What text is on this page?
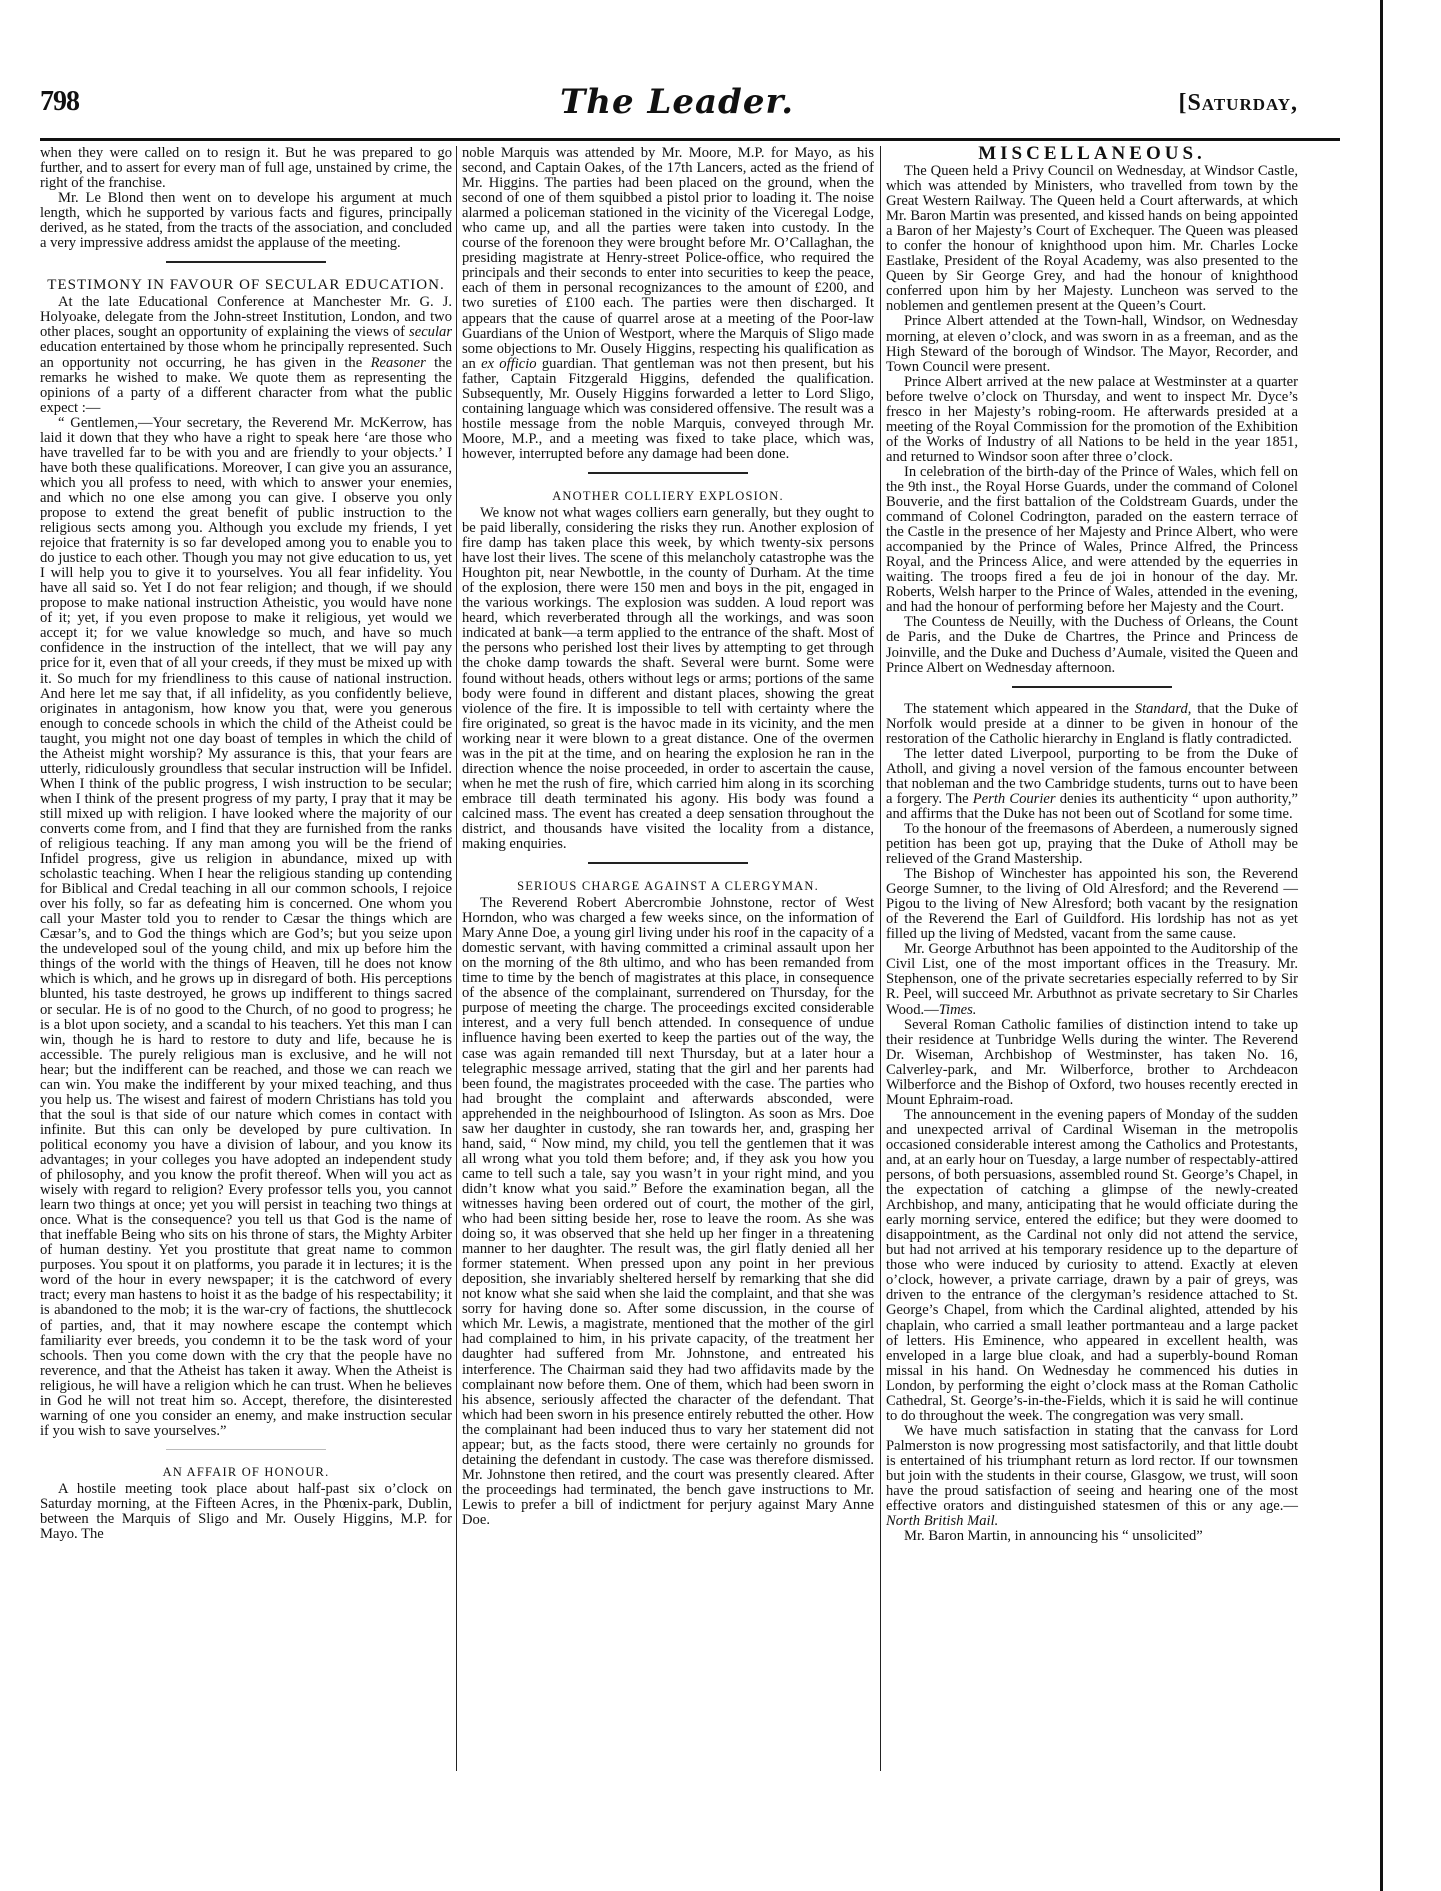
798	The Leader.	[Saturday,

when they were called on to resign it. But he was prepared to go further, and to assert for every man of full age, unstained by crime, the right of the franchise.

Mr. Le Blond then went on to develope his argument at much length, which he supported by various facts and figures, principally derived, as he stated, from the tracts of the association, and concluded a very impressive address amidst the applause of the meeting.

TESTIMONY IN FAVOUR OF SECULAR EDUCATION.

At the late Educational Conference at Manchester Mr. G. J. Holyoake, delegate from the John-street Institution, London, and two other places, sought an opportunity of explaining the views of secular education entertained by those whom he principally represented. Such an opportunity not occurring, he has given in the Reasoner the remarks he wished to make. We quote them as representing the opinions of a party of a different character from what the public expect :—

“ Gentlemen,—Your secretary, the Reverend Mr. McKerrow, has laid it down that they who have a right to speak here ‘are those who have travelled far to be with you and are friendly to your objects.’ I have both these qualifications. Moreover, I can give you an assurance, which you all profess to need, with which to answer your enemies, and which no one else among you can give. I observe you only propose to extend the great benefit of public instruction to the religious sects among you. Although you exclude my friends, I yet rejoice that fraternity is so far developed among you to enable you to do justice to each other. Though you may not give education to us, yet I will help you to give it to yourselves. You all fear infidelity. You have all said so. Yet I do not fear religion; and though, if we should propose to make national instruction Atheistic, you would have none of it; yet, if you even propose to make it religious, yet would we accept it; for we value knowledge so much, and have so much confidence in the instruction of the intellect, that we will pay any price for it, even that of all your creeds, if they must be mixed up with it. So much for my friendliness to this cause of national instruction. And here let me say that, if all infidelity, as you confidently believe, originates in antagonism, how know you that, were you generous enough to concede schools in which the child of the Atheist could be taught, you might not one day boast of temples in which the child of the Atheist might worship? My assurance is this, that your fears are utterly, ridiculously groundless that secular instruction will be Infidel. When I think of the public progress, I wish instruction to be secular; when I think of the present progress of my party, I pray that it may be still mixed up with religion. I have looked where the majority of our converts come from, and I find that they are furnished from the ranks of religious teaching. If any man among you will be the friend of Infidel progress, give us religion in abundance, mixed up with scholastic teaching. When I hear the religious standing up contending for Biblical and Credal teaching in all our common schools, I rejoice over his folly, so far as defeating him is concerned. One whom you call your Master told you to render to Cæsar the things which are Cæsar’s, and to God the things which are God’s; but you seize upon the undeveloped soul of the young child, and mix up before him the things of the world with the things of Heaven, till he does not know which is which, and he grows up in disregard of both. His perceptions blunted, his taste destroyed, he grows up indifferent to things sacred or secular. He is of no good to the Church, of no good to progress; he is a blot upon society, and a scandal to his teachers. Yet this man I can win, though he is hard to restore to duty and life, because he is accessible. The purely religious man is exclusive, and he will not hear; but the indifferent can be reached, and those we can reach we can win. You make the indifferent by your mixed teaching, and thus you help us. The wisest and fairest of modern Christians has told you that the soul is that side of our nature which comes in contact with infinite. But this can only be developed by pure cultivation. In political economy you have a division of labour, and you know its advantages; in your colleges you have adopted an independent study of philosophy, and you know the profit thereof. When will you act as wisely with regard to religion? Every professor tells you, you cannot learn two things at once; yet you will persist in teaching two things at once. What is the consequence? you tell us that God is the name of that ineffable Being who sits on his throne of stars, the Mighty Arbiter of human destiny. Yet you prostitute that great name to common purposes. You spout it on platforms, you parade it in lectures; it is the word of the hour in every newspaper; it is the catchword of every tract; every man hastens to hoist it as the badge of his respectability; it is abandoned to the mob; it is the war-cry of factions, the shuttlecock of parties, and, that it may nowhere escape the contempt which familiarity ever breeds, you condemn it to be the task word of your schools. Then you come down with the cry that the people have no reverence, and that the Atheist has taken it away. When the Atheist is religious, he will have a religion which he can trust. When he believes in God he will not treat him so. Accept, therefore, the disinterested warning of one you consider an enemy, and make instruction secular if you wish to save yourselves.”

AN AFFAIR OF HONOUR.

A hostile meeting took place about half-past six o’clock on Saturday morning, at the Fifteen Acres, in the Phœnix-park, Dublin, between the Marquis of Sligo and Mr. Ousely Higgins, M.P. for Mayo. The

noble Marquis was attended by Mr. Moore, M.P. for Mayo, as his second, and Captain Oakes, of the 17th Lancers, acted as the friend of Mr. Higgins. The parties had been placed on the ground, when the second of one of them squibbed a pistol prior to loading it. The noise alarmed a policeman stationed in the vicinity of the Viceregal Lodge, who came up, and all the parties were taken into custody. In the course of the forenoon they were brought before Mr. O’Callaghan, the presiding magistrate at Henry-street Police-office, who required the principals and their seconds to enter into securities to keep the peace, each of them in personal recognizances to the amount of £200, and two sureties of £100 each. The parties were then discharged. It appears that the cause of quarrel arose at a meeting of the Poor-law Guardians of the Union of Westport, where the Marquis of Sligo made some objections to Mr. Ousely Higgins, respecting his qualification as an ex officio guardian. That gentleman was not then present, but his father, Captain Fitzgerald Higgins, defended the qualification. Subsequently, Mr. Ousely Higgins forwarded a letter to Lord Sligo, containing language which was considered offensive. The result was a hostile message from the noble Marquis, conveyed through Mr. Moore, M.P., and a meeting was fixed to take place, which was, however, interrupted before any damage had been done.

ANOTHER COLLIERY EXPLOSION.

We know not what wages colliers earn generally, but they ought to be paid liberally, considering the risks they run. Another explosion of fire damp has taken place this week, by which twenty-six persons have lost their lives. The scene of this melancholy catastrophe was the Houghton pit, near Newbottle, in the county of Durham. At the time of the explosion, there were 150 men and boys in the pit, engaged in the various workings. The explosion was sudden. A loud report was heard, which reverberated through all the workings, and was soon indicated at bank—a term applied to the entrance of the shaft. Most of the persons who perished lost their lives by attempting to get through the choke damp towards the shaft. Several were burnt. Some were found without heads, others without legs or arms; portions of the same body were found in different and distant places, showing the great violence of the fire. It is impossible to tell with certainty where the fire originated, so great is the havoc made in its vicinity, and the men working near it were blown to a great distance. One of the overmen was in the pit at the time, and on hearing the explosion he ran in the direction whence the noise proceeded, in order to ascertain the cause, when he met the rush of fire, which carried him along in its scorching embrace till death terminated his agony. His body was found a calcined mass. The event has created a deep sensation throughout the district, and thousands have visited the locality from a distance, making enquiries.

SERIOUS CHARGE AGAINST A CLERGYMAN.

The Reverend Robert Abercrombie Johnstone, rector of West Horndon, who was charged a few weeks since, on the information of Mary Anne Doe, a young girl living under his roof in the capacity of a domestic servant, with having committed a criminal assault upon her on the morning of the 8th ultimo, and who has been remanded from time to time by the bench of magistrates at this place, in consequence of the absence of the complainant, surrendered on Thursday, for the purpose of meeting the charge. The proceedings excited considerable interest, and a very full bench attended. In consequence of undue influence having been exerted to keep the parties out of the way, the case was again remanded till next Thursday, but at a later hour a telegraphic message arrived, stating that the girl and her parents had been found, the magistrates proceeded with the case. The parties who had brought the complaint and afterwards absconded, were apprehended in the neighbourhood of Islington. As soon as Mrs. Doe saw her daughter in custody, she ran towards her, and, grasping her hand, said, “ Now mind, my child, you tell the gentlemen that it was all wrong what you told them before; and, if they ask you how you came to tell such a tale, say you wasn’t in your right mind, and you didn’t know what you said.” Before the examination began, all the witnesses having been ordered out of court, the mother of the girl, who had been sitting beside her, rose to leave the room. As she was doing so, it was observed that she held up her finger in a threatening manner to her daughter. The result was, the girl flatly denied all her former statement. When pressed upon any point in her previous deposition, she invariably sheltered herself by remarking that she did not know what she said when she laid the complaint, and that she was sorry for having done so. After some discussion, in the course of which Mr. Lewis, a magistrate, mentioned that the mother of the girl had complained to him, in his private capacity, of the treatment her daughter had suffered from Mr. Johnstone, and entreated his interference. The Chairman said they had two affidavits made by the complainant now before them. One of them, which had been sworn in his absence, seriously affected the character of the defendant. That which had been sworn in his presence entirely rebutted the other. How the complainant had been induced thus to vary her statement did not appear; but, as the facts stood, there were certainly no grounds for detaining the defendant in custody. The case was therefore dismissed. Mr. Johnstone then retired, and the court was presently cleared. After the proceedings had terminated, the bench gave instructions to Mr. Lewis to prefer a bill of indictment for perjury against Mary Anne Doe.

MISCELLANEOUS.

The Queen held a Privy Council on Wednesday, at Windsor Castle, which was attended by Ministers, who travelled from town by the Great Western Railway. The Queen held a Court afterwards, at which Mr. Baron Martin was presented, and kissed hands on being appointed a Baron of her Majesty’s Court of Exchequer. The Queen was pleased to confer the honour of knighthood upon him. Mr. Charles Locke Eastlake, President of the Royal Academy, was also presented to the Queen by Sir George Grey, and had the honour of knighthood conferred upon him by her Majesty. Luncheon was served to the noblemen and gentlemen present at the Queen’s Court.

Prince Albert attended at the Town-hall, Windsor, on Wednesday morning, at eleven o’clock, and was sworn in as a freeman, and as the High Steward of the borough of Windsor. The Mayor, Recorder, and Town Council were present.

Prince Albert arrived at the new palace at Westminster at a quarter before twelve o’clock on Thursday, and went to inspect Mr. Dyce’s fresco in her Majesty’s robing-room. He afterwards presided at a meeting of the Royal Commission for the promotion of the Exhibition of the Works of Industry of all Nations to be held in the year 1851, and returned to Windsor soon after three o’clock.

In celebration of the birth-day of the Prince of Wales, which fell on the 9th inst., the Royal Horse Guards, under the command of Colonel Bouverie, and the first battalion of the Coldstream Guards, under the command of Colonel Codrington, paraded on the eastern terrace of the Castle in the presence of her Majesty and Prince Albert, who were accompanied by the Prince of Wales, Prince Alfred, the Princess Royal, and the Princess Alice, and were attended by the equerries in waiting. The troops fired a feu de joi in honour of the day. Mr. Roberts, Welsh harper to the Prince of Wales, attended in the evening, and had the honour of performing before her Majesty and the Court.

The Countess de Neuilly, with the Duchess of Orleans, the Count de Paris, and the Duke de Chartres, the Prince and Princess de Joinville, and the Duke and Duchess d’Aumale, visited the Queen and Prince Albert on Wednesday afternoon.

The statement which appeared in the Standard, that the Duke of Norfolk would preside at a dinner to be given in honour of the restoration of the Catholic hierarchy in England is flatly contradicted.

The letter dated Liverpool, purporting to be from the Duke of Atholl, and giving a novel version of the famous encounter between that nobleman and the two Cambridge students, turns out to have been a forgery. The Perth Courier denies its authenticity “ upon authority,” and affirms that the Duke has not been out of Scotland for some time.

To the honour of the freemasons of Aberdeen, a numerously signed petition has been got up, praying that the Duke of Atholl may be relieved of the Grand Mastership.

The Bishop of Winchester has appointed his son, the Reverend George Sumner, to the living of Old Alresford; and the Reverend — Pigou to the living of New Alresford; both vacant by the resignation of the Reverend the Earl of Guildford. His lordship has not as yet filled up the living of Medsted, vacant from the same cause.

Mr. George Arbuthnot has been appointed to the Auditorship of the Civil List, one of the most important offices in the Treasury. Mr. Stephenson, one of the private secretaries especially referred to by Sir R. Peel, will succeed Mr. Arbuthnot as private secretary to Sir Charles Wood.—Times.

Several Roman Catholic families of distinction intend to take up their residence at Tunbridge Wells during the winter. The Reverend Dr. Wiseman, Archbishop of Westminster, has taken No. 16, Calverley-park, and Mr. Wilberforce, brother to Archdeacon Wilberforce and the Bishop of Oxford, two houses recently erected in Mount Ephraim-road.

The announcement in the evening papers of Monday of the sudden and unexpected arrival of Cardinal Wiseman in the metropolis occasioned considerable interest among the Catholics and Protestants, and, at an early hour on Tuesday, a large number of respectably-attired persons, of both persuasions, assembled round St. George’s Chapel, in the expectation of catching a glimpse of the newly-created Archbishop, and many, anticipating that he would officiate during the early morning service, entered the edifice; but they were doomed to disappointment, as the Cardinal not only did not attend the service, but had not arrived at his temporary residence up to the departure of those who were induced by curiosity to attend. Exactly at eleven o’clock, however, a private carriage, drawn by a pair of greys, was driven to the entrance of the clergyman’s residence attached to St. George’s Chapel, from which the Cardinal alighted, attended by his chaplain, who carried a small leather portmanteau and a large packet of letters. His Eminence, who appeared in excellent health, was enveloped in a large blue cloak, and had a superbly-bound Roman missal in his hand. On Wednesday he commenced his duties in London, by performing the eight o’clock mass at the Roman Catholic Cathedral, St. George’s-in-the-Fields, which it is said he will continue to do throughout the week. The congregation was very small.

We have much satisfaction in stating that the canvass for Lord Palmerston is now progressing most satisfactorily, and that little doubt is entertained of his triumphant return as lord rector. If our townsmen but join with the students in their course, Glasgow, we trust, will soon have the proud satisfaction of seeing and hearing one of the most effective orators and distinguished statesmen of this or any age.—North British Mail.

Mr. Baron Martin, in announcing his “ unsolicited”
